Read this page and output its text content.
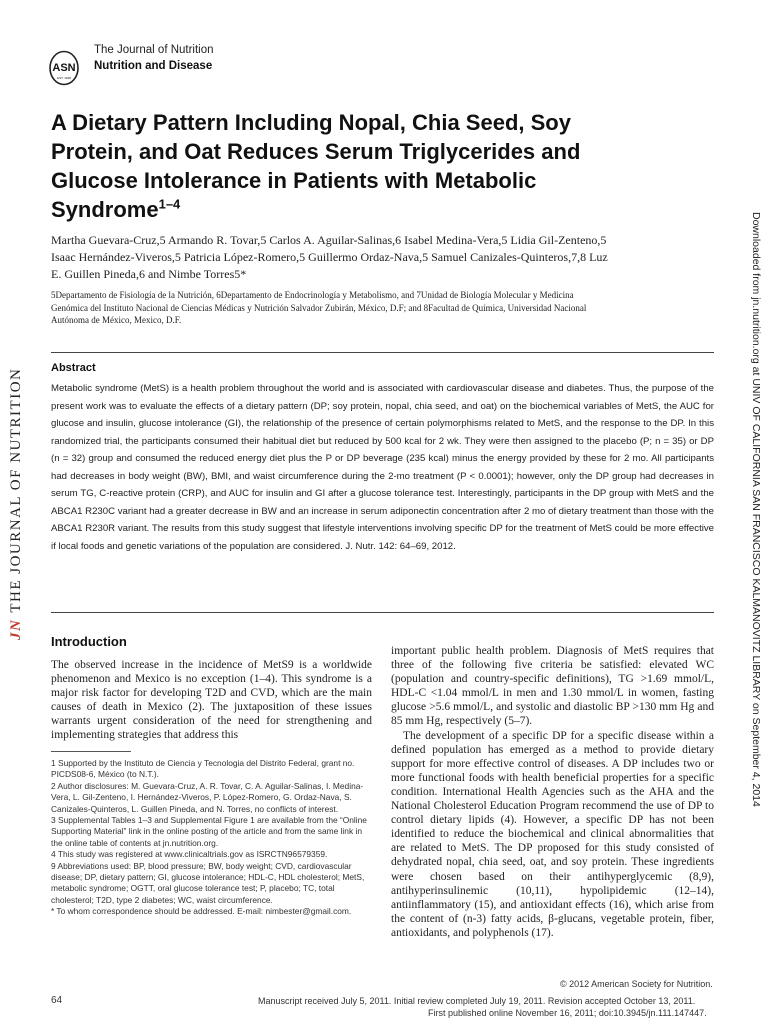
ASN
EST. 1928
The Journal of Nutrition
Nutrition and Disease
A Dietary Pattern Including Nopal, Chia Seed, Soy Protein, and Oat Reduces Serum Triglycerides and Glucose Intolerance in Patients with Metabolic Syndrome$^{1-4}$
Martha Guevara-Cruz,5 Armando R. Tovar,5 Carlos A. Aguilar-Salinas,6 Isabel Medina-Vera,5 Lidia Gil-Zenteno,5 Isaac Hernández-Viveros,5 Patricia López-Romero,5 Guillermo Ordaz-Nava,5 Samuel Canizales-Quinteros,7,8 Luz E. Guillen Pineda,6 and Nimbe Torres5*
5Departamento de Fisiología de la Nutrición, 6Departamento de Endocrinología y Metabolismo, and 7Unidad de Biología Molecular y Medicina Genómica del Instituto Nacional de Ciencias Médicas y Nutrición Salvador Zubirán, México, D.F; and 8Facultad de Química, Universidad Nacional Autónoma de México, Mexico, D.F.
JNTHE JOURNAL OF NUTRITION	Downloaded from jn.nutrition.org at UNIV OF CALIFORNIA SAN FRANCISCO KALMANOVITZ LIBRARY on September 4, 2014
Abstract

Metabolic syndrome (MetS) is a health problem throughout the world and is associated with cardiovascular disease and diabetes. Thus, the purpose of the present work was to evaluate the effects of a dietary pattern (DP; soy protein, nopal, chia seed, and oat) on the biochemical variables of MetS, the AUC for glucose and insulin, glucose intolerance (GI), the relationship of the presence of certain polymorphisms related to MetS, and the response to the DP. In this randomized trial, the participants consumed their habitual diet but reduced by 500 kcal for 2 wk. They were then assigned to the placebo (P; n = 35) or DP (n = 32) group and consumed the reduced energy diet plus the P or DP beverage (235 kcal) minus the energy provided by these for 2 mo. All participants had decreases in body weight (BW), BMI, and waist circumference during the 2-mo treatment (P < 0.0001); however, only the DP group had decreases in serum TG, C-reactive protein (CRP), and AUC for insulin and GI after a glucose tolerance test. Interestingly, participants in the DP group with MetS and the ABCA1 R230C variant had a greater decrease in BW and an increase in serum adiponectin concentration after 2 mo of dietary treatment than those with the ABCA1 R230R variant. The results from this study suggest that lifestyle interventions involving specific DP for the treatment of MetS could be more effective if local foods and genetic variations of the population are considered. J. Nutr. 142: 64–69, 2012.

Introduction

The observed increase in the incidence of MetS9 is a worldwide phenomenon and Mexico is no exception (1–4). This syndrome is a major risk factor for developing T2D and CVD, which are the main causes of death in Mexico (2). The juxtaposition of these issues warrants urgent consideration of the need for strengthening and implementing strategies that address this

important public health problem. Diagnosis of MetS requires that three of the following five criteria be satisfied: elevated WC (population and country-specific definitions), TG >1.69 mmol/L, HDL-C <1.04 mmol/L in men and 1.30 mmol/L in women, fasting glucose >5.6 mmol/L, and systolic and diastolic BP >130 mm Hg and 85 mm Hg, respectively (5–7).

The development of a specific DP for a specific disease within a defined population has emerged as a method to provide dietary support for more effective control of diseases. A DP includes two or more functional foods with health beneficial properties for a specific condition. International Health Agencies such as the AHA and the National Cholesterol Education Program recommend the use of DP to control dietary lipids (4). However, a specific DP has not been identified to reduce the biochemical and clinical abnormalities that are related to MetS. The DP proposed for this study consisted of dehydrated nopal, chia seed, oat, and soy protein. These ingredients were chosen based on their antihyperglycemic (8,9), antihyperinsulinemic (10,11), hypolipidemic (12–14), antiinflammatory (15), and antioxidant effects (16), which arise from the content of (n-3) fatty acids, β-glucans, vegetable protein, fiber, antioxidants, and polyphenols (17).

1 Supported by the Instituto de Ciencia y Tecnologia del Distrito Federal, grant no. PICDS08-6, México (to N.T.).
2 Author disclosures: M. Guevara-Cruz, A. R. Tovar, C. A. Aguilar-Salinas, I. Medina-Vera, L. Gil-Zenteno, I. Hernández-Viveros, P. López-Romero, G. Ordaz-Nava, S. Canizales-Quinteros, L. Guillen Pineda, and N. Torres, no conflicts of interest.
3 Supplemental Tables 1–3 and Supplemental Figure 1 are available from the “Online Supporting Material” link in the online posting of the article and from the same link in the online table of contents at jn.nutrition.org.
4 This study was registered at www.clinicaltrials.gov as ISRCTN96579359.
9 Abbreviations used: BP, blood pressure; BW, body weight; CVD, cardiovascular disease; DP, dietary pattern; GI, glucose intolerance; HDL-C, HDL cholesterol; MetS, metabolic syndrome; OGTT, oral glucose tolerance test; P, placebo; TC, total cholesterol; T2D, type 2 diabetes; WC, waist circumference.
* To whom correspondence should be addressed. E-mail: nimbester@gmail.com.
64
© 2012 American Society for Nutrition.
Manuscript received July 5, 2011. Initial review completed July 19, 2011. Revision accepted October 13, 2011.
First published online November 16, 2011; doi:10.3945/jn.111.147447.
